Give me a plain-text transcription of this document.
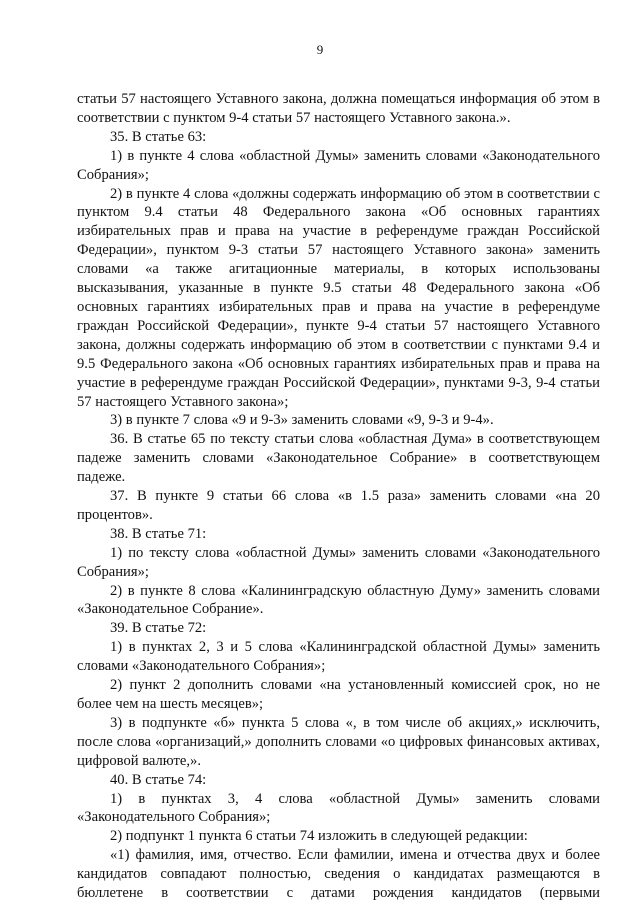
9

статьи 57 настоящего Уставного закона, должна помещаться информация об этом в соответствии с пунктом 9-4 статьи 57 настоящего Уставного закона.».

35. В статье 63:

1) в пункте 4 слова «областной Думы» заменить словами «Законодательного Собрания»;

2) в пункте 4 слова «должны содержать информацию об этом в соответствии с пунктом 9.4 статьи 48 Федерального закона «Об основных гарантиях избирательных прав и права на участие в референдуме граждан Российской Федерации», пунктом 9-3 статьи 57 настоящего Уставного закона» заменить словами «а также агитационные материалы, в которых использованы высказывания, указанные в пункте 9.5 статьи 48 Федерального закона «Об основных гарантиях избирательных прав и права на участие в референдуме граждан Российской Федерации», пункте 9-4 статьи 57 настоящего Уставного закона, должны содержать информацию об этом в соответствии с пунктами 9.4 и 9.5 Федерального закона «Об основных гарантиях избирательных прав и права на участие в референдуме граждан Российской Федерации», пунктами 9-3, 9-4 статьи 57 настоящего Уставного закона»;

3) в пункте 7 слова «9 и 9-3» заменить словами «9, 9-3 и 9-4».

36. В статье 65 по тексту статьи слова «областная Дума» в соответствующем падеже заменить словами «Законодательное Собрание» в соответствующем падеже.

37. В пункте 9 статьи 66 слова «в 1.5 раза» заменить словами «на 20 процентов».

38. В статье 71:

1) по тексту слова «областной Думы» заменить словами «Законодательного Собрания»;

2) в пункте 8 слова «Калининградскую областную Думу» заменить словами «Законодательное Собрание».

39. В статье 72:

1) в пунктах 2, 3 и 5 слова «Калининградской областной Думы» заменить словами «Законодательного Собрания»;

2) пункт 2 дополнить словами «на установленный комиссией срок, но не более чем на шесть месяцев»;

3) в подпункте «б» пункта 5 слова «, в том числе об акциях,» исключить, после слова «организаций,» дополнить словами «о цифровых финансовых активах, цифровой валюте,».

40. В статье 74:

1) в пунктах 3, 4 слова «областной Думы» заменить словами «Законодательного Собрания»;

2) подпункт 1 пункта 6 статьи 74 изложить в следующей редакции:

«1) фамилия, имя, отчество. Если фамилии, имена и отчества двух и более кандидатов совпадают полностью, сведения о кандидатах размещаются в бюллетене в соответствии с датами рождения кандидатов (первыми
